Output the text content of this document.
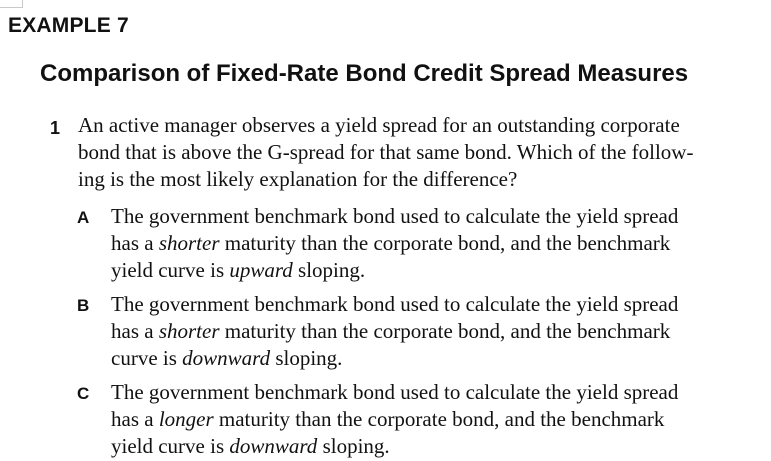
EXAMPLE 7
Comparison of Fixed-Rate Bond Credit Spread Measures
1 An active manager observes a yield spread for an outstanding corporate
bond that is above the G-spread for that same bond. Which of the follow-
ing is the most likely explanation for the difference?

A The government benchmark bond used to calculate the yield spread
has a shorter maturity than the corporate bond, and the benchmark
yield curve is upward sloping.

B The government benchmark bond used to calculate the yield spread
has a shorter maturity than the corporate bond, and the benchmark
curve is downward sloping.

C The government benchmark bond used to calculate the yield spread
has a longer maturity than the corporate bond, and the benchmark
yield curve is downward sloping.
